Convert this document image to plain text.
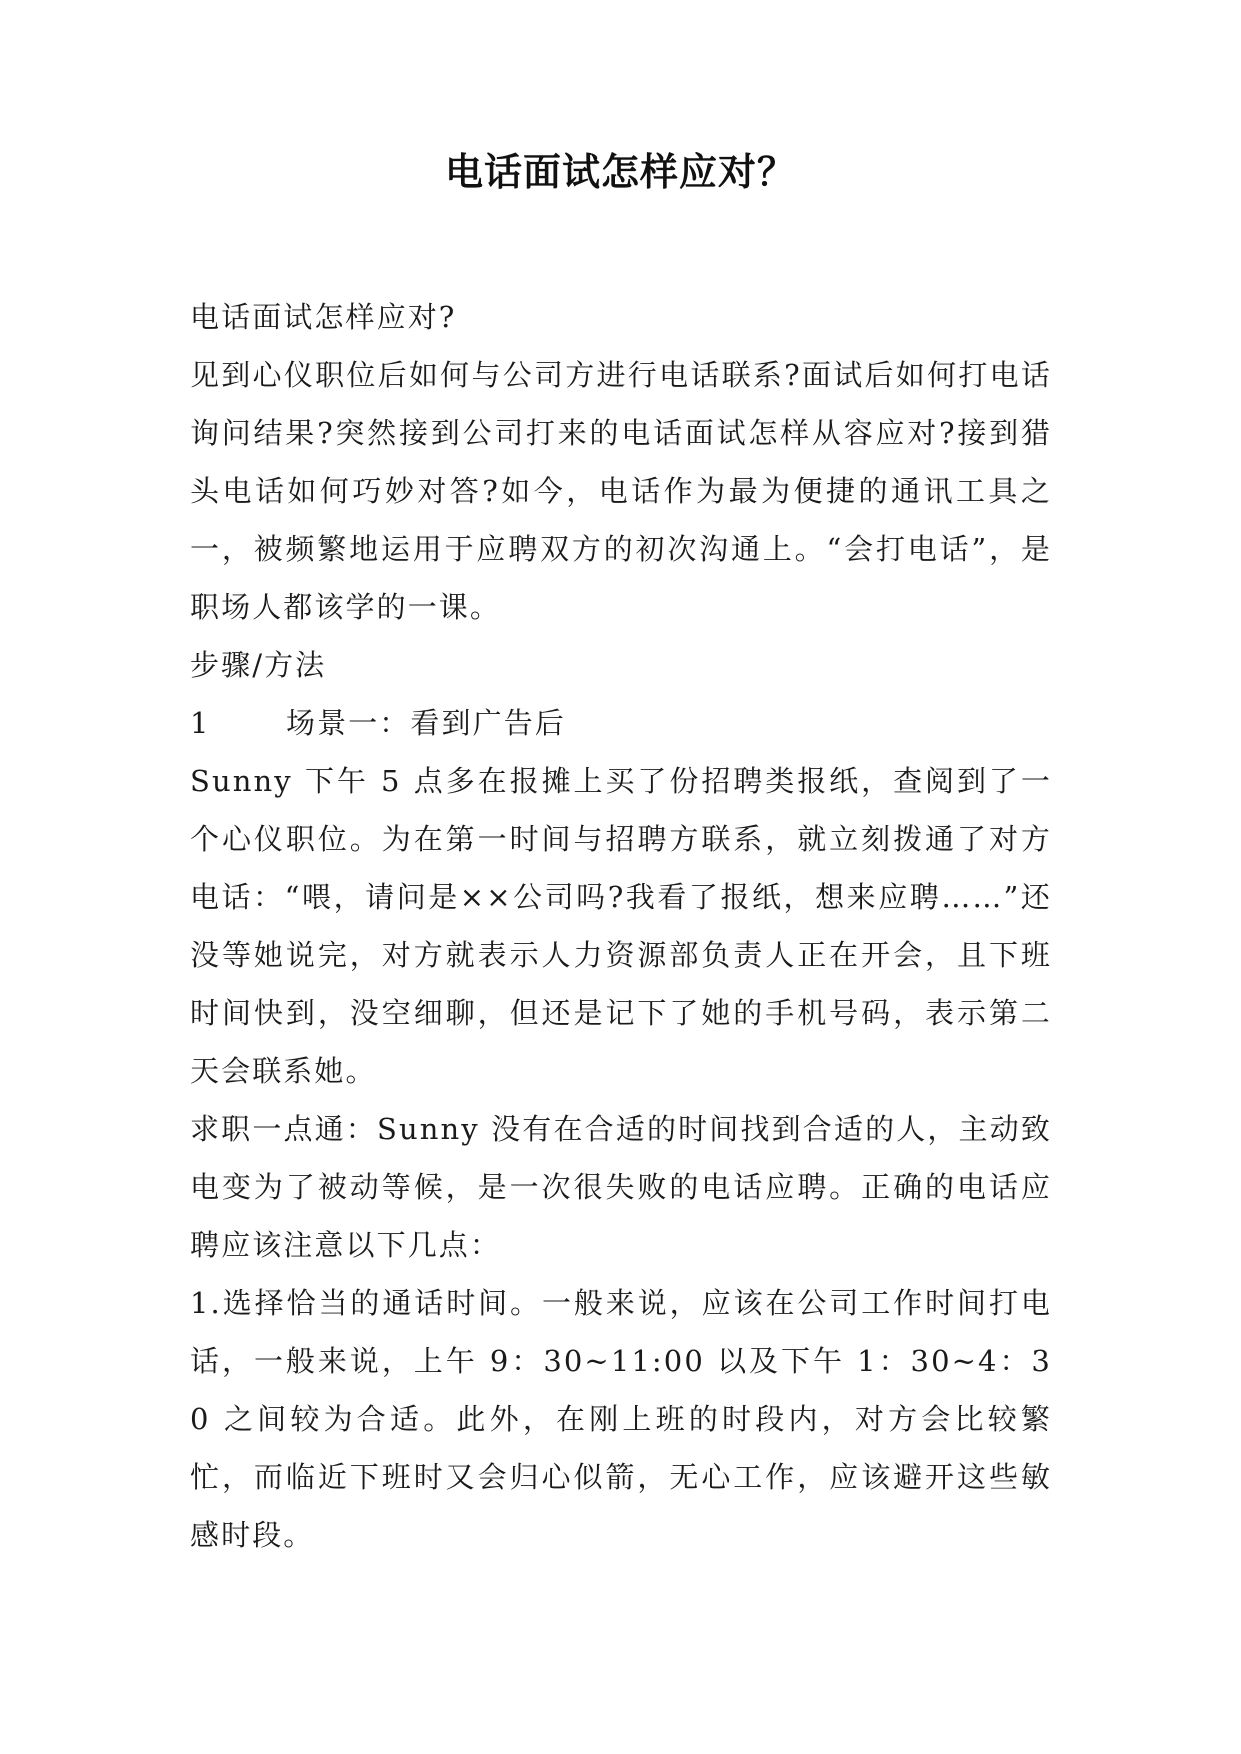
电话面试怎样应对？

电话面试怎样应对?

见到心仪职位后如何与公司方进行电话联系?面试后如何打电话询问结果?突然接到公司打来的电话面试怎样从容应对?接到猎头电话如何巧妙对答?如今，电话作为最为便捷的通讯工具之一，被频繁地运用于应聘双方的初次沟通上。“会打电话”，是职场人都该学的一课。

步骤/方法

1	场景一：看到广告后

Sunny 下午 5 点多在报摊上买了份招聘类报纸，查阅到了一个心仪职位。为在第一时间与招聘方联系，就立刻拨通了对方电话：“喂，请问是××公司吗?我看了报纸，想来应聘……”还没等她说完，对方就表示人力资源部负责人正在开会，且下班时间快到，没空细聊，但还是记下了她的手机号码，表示第二天会联系她。

求职一点通：Sunny 没有在合适的时间找到合适的人，主动致电变为了被动等候，是一次很失败的电话应聘。正确的电话应聘应该注意以下几点：

1.选择恰当的通话时间。一般来说，应该在公司工作时间打电话，一般来说，上午 9：30~11:00 以及下午 1：30~4：30 之间较为合适。此外，在刚上班的时段内，对方会比较繁忙，而临近下班时又会归心似箭，无心工作，应该避开这些敏感时段。
